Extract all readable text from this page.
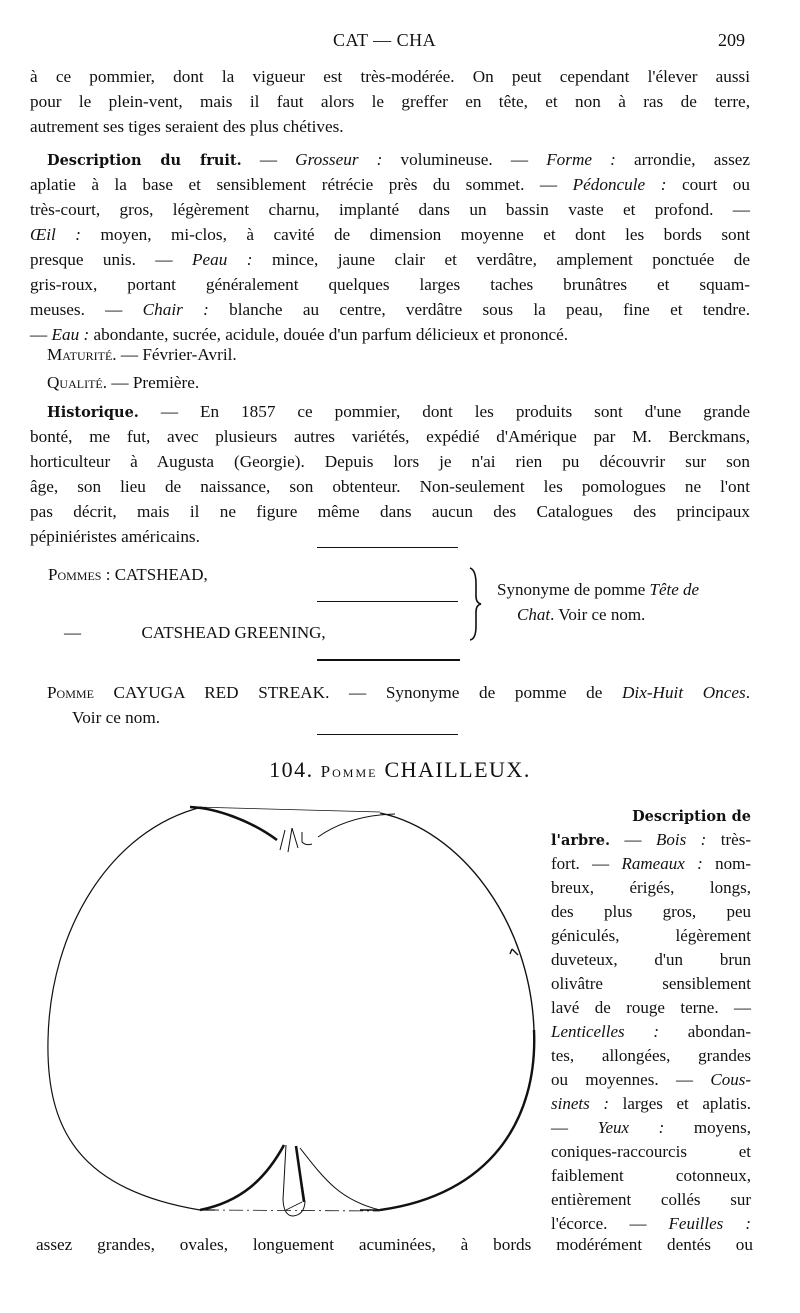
CAT — CHA	209
à ce pommier, dont la vigueur est très-modérée. On peut cependant l'élever aussi
pour le plein-vent, mais il faut alors le greffer en tête, et non à ras de terre,
autrement ses tiges seraient des plus chétives.
Description du fruit. — Grosseur : volumineuse. — Forme : arrondie, assez
aplatie à la base et sensiblement rétrécie près du sommet. — Pédoncule : court ou
très-court, gros, légèrement charnu, implanté dans un bassin vaste et profond. —
Œil : moyen, mi-clos, à cavité de dimension moyenne et dont les bords sont
presque unis. — Peau : mince, jaune clair et verdâtre, amplement ponctuée de
gris-roux, portant généralement quelques larges taches brunâtres et squam-
meuses. — Chair : blanche au centre, verdâtre sous la peau, fine et tendre.
— Eau : abondante, sucrée, acidule, douée d'un parfum délicieux et prononcé.
Maturité. — Février-Avril.
Qualité. — Première.
Historique. — En 1857 ce pommier, dont les produits sont d'une grande
bonté, me fut, avec plusieurs autres variétés, expédié d'Amérique par M. Berckmans,
horticulteur à Augusta (Georgie). Depuis lors je n'ai rien pu découvrir sur son
âge, son lieu de naissance, son obtenteur. Non-seulement les pomologues ne l'ont
pas décrit, mais il ne figure même dans aucun des Catalogues des principaux
pépiniéristes américains.
Pommes : CATSHEAD,
—	CATSHEAD GREENING,
Synonyme de pomme Tête de
Chat. Voir ce nom.
Pomme CAYUGA RED STREAK. — Synonyme de pomme de Dix-Huit Onces.
Voir ce nom.
104. Pomme CHAILLEUX.
Description de
l'arbre. — Bois : très-
fort. — Rameaux : nom-
breux, érigés, longs,
des plus gros, peu
géniculés, légèrement
duveteux, d'un brun
olivâtre sensiblement
lavé de rouge terne. —
Lenticelles : abondan-
tes, allongées, grandes
ou moyennes. — Cous-
sinets : larges et aplatis.
— Yeux : moyens,
coniques-raccourcis et
faiblement cotonneux,
entièrement collés sur
l'écorce. — Feuilles :
assez grandes, ovales, longuement acuminées, à bords modérément dentés ou
